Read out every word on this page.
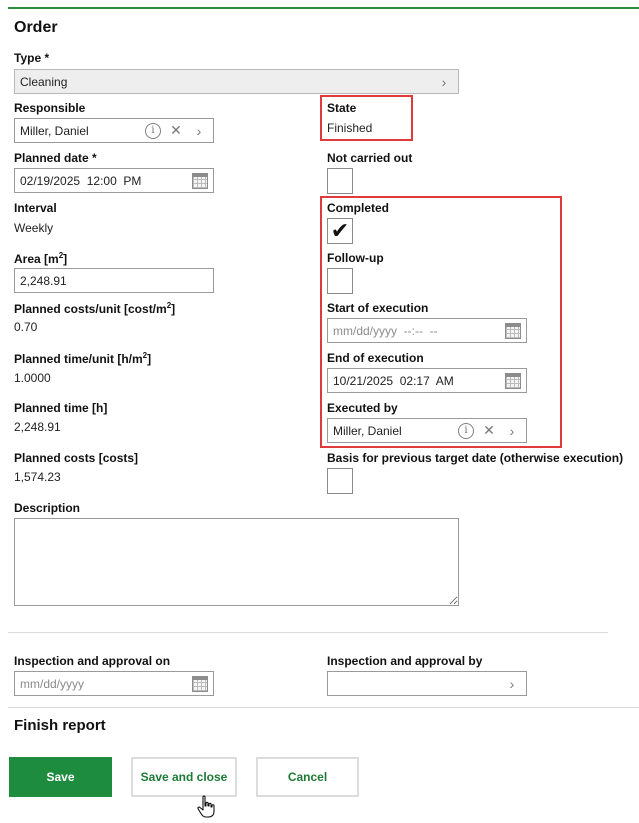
Order
Type *
Cleaning	›
Responsible
Miller, Daniel	i	✕	›
State
Finished
Planned date *
02/19/2025  12:00  PM
Not carried out
Interval
Weekly
Completed
✔
Area $[m^2]$
2,248.91
Follow-up
Planned costs/unit $[\cos t/m^2]$
0.70
Start of execution
mm/dd/yyyy  --:--  --
Planned time/unit $[h/m^2]$
1.0000
End of execution
10/21/2025  02:17  AM
Planned time [h]
2,248.91
Executed by
Miller, Daniel	i	✕	›
Planned costs [costs]
1,574.23
Basis for previous target date (otherwise execution)
Description
Inspection and approval on
mm/dd/yyyy
Inspection and approval by
›
Finish report
Save	Save and close	Cancel
